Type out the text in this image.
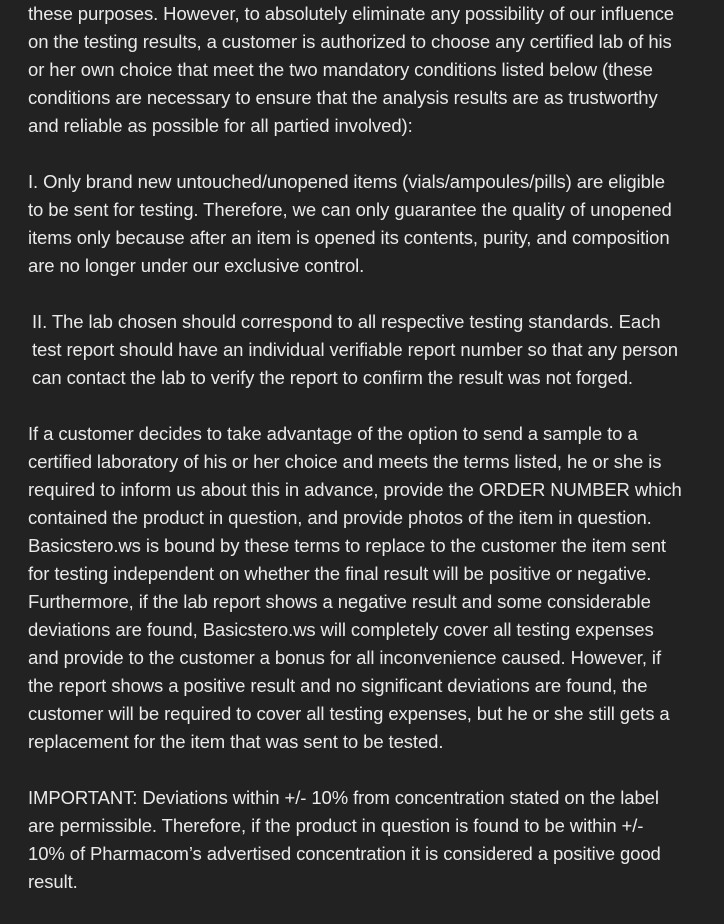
these purposes. However, to absolutely eliminate any possibility of our influence
on the testing results, a customer is authorized to choose any certified lab of his
or her own choice that meet the two mandatory conditions listed below (these
conditions are necessary to ensure that the analysis results are as trustworthy
and reliable as possible for all partied involved):

I. Only brand new untouched/unopened items (vials/ampoules/pills) are eligible
to be sent for testing. Therefore, we can only guarantee the quality of unopened
items only because after an item is opened its contents, purity, and composition
are no longer under our exclusive control.

II. The lab chosen should correspond to all respective testing standards. Each
test report should have an individual verifiable report number so that any person
can contact the lab to verify the report to confirm the result was not forged.

If a customer decides to take advantage of the option to send a sample to a
certified laboratory of his or her choice and meets the terms listed, he or she is
required to inform us about this in advance, provide the ORDER NUMBER which
contained the product in question, and provide photos of the item in question.
Basicstero.ws is bound by these terms to replace to the customer the item sent
for testing independent on whether the final result will be positive or negative.
Furthermore, if the lab report shows a negative result and some considerable
deviations are found, Basicstero.ws will completely cover all testing expenses
and provide to the customer a bonus for all inconvenience caused. However, if
the report shows a positive result and no significant deviations are found, the
customer will be required to cover all testing expenses, but he or she still gets a
replacement for the item that was sent to be tested.

IMPORTANT: Deviations within +/- 10% from concentration stated on the label
are permissible. Therefore, if the product in question is found to be within +/-
10% of Pharmacom’s advertised concentration it is considered a positive good
result.
